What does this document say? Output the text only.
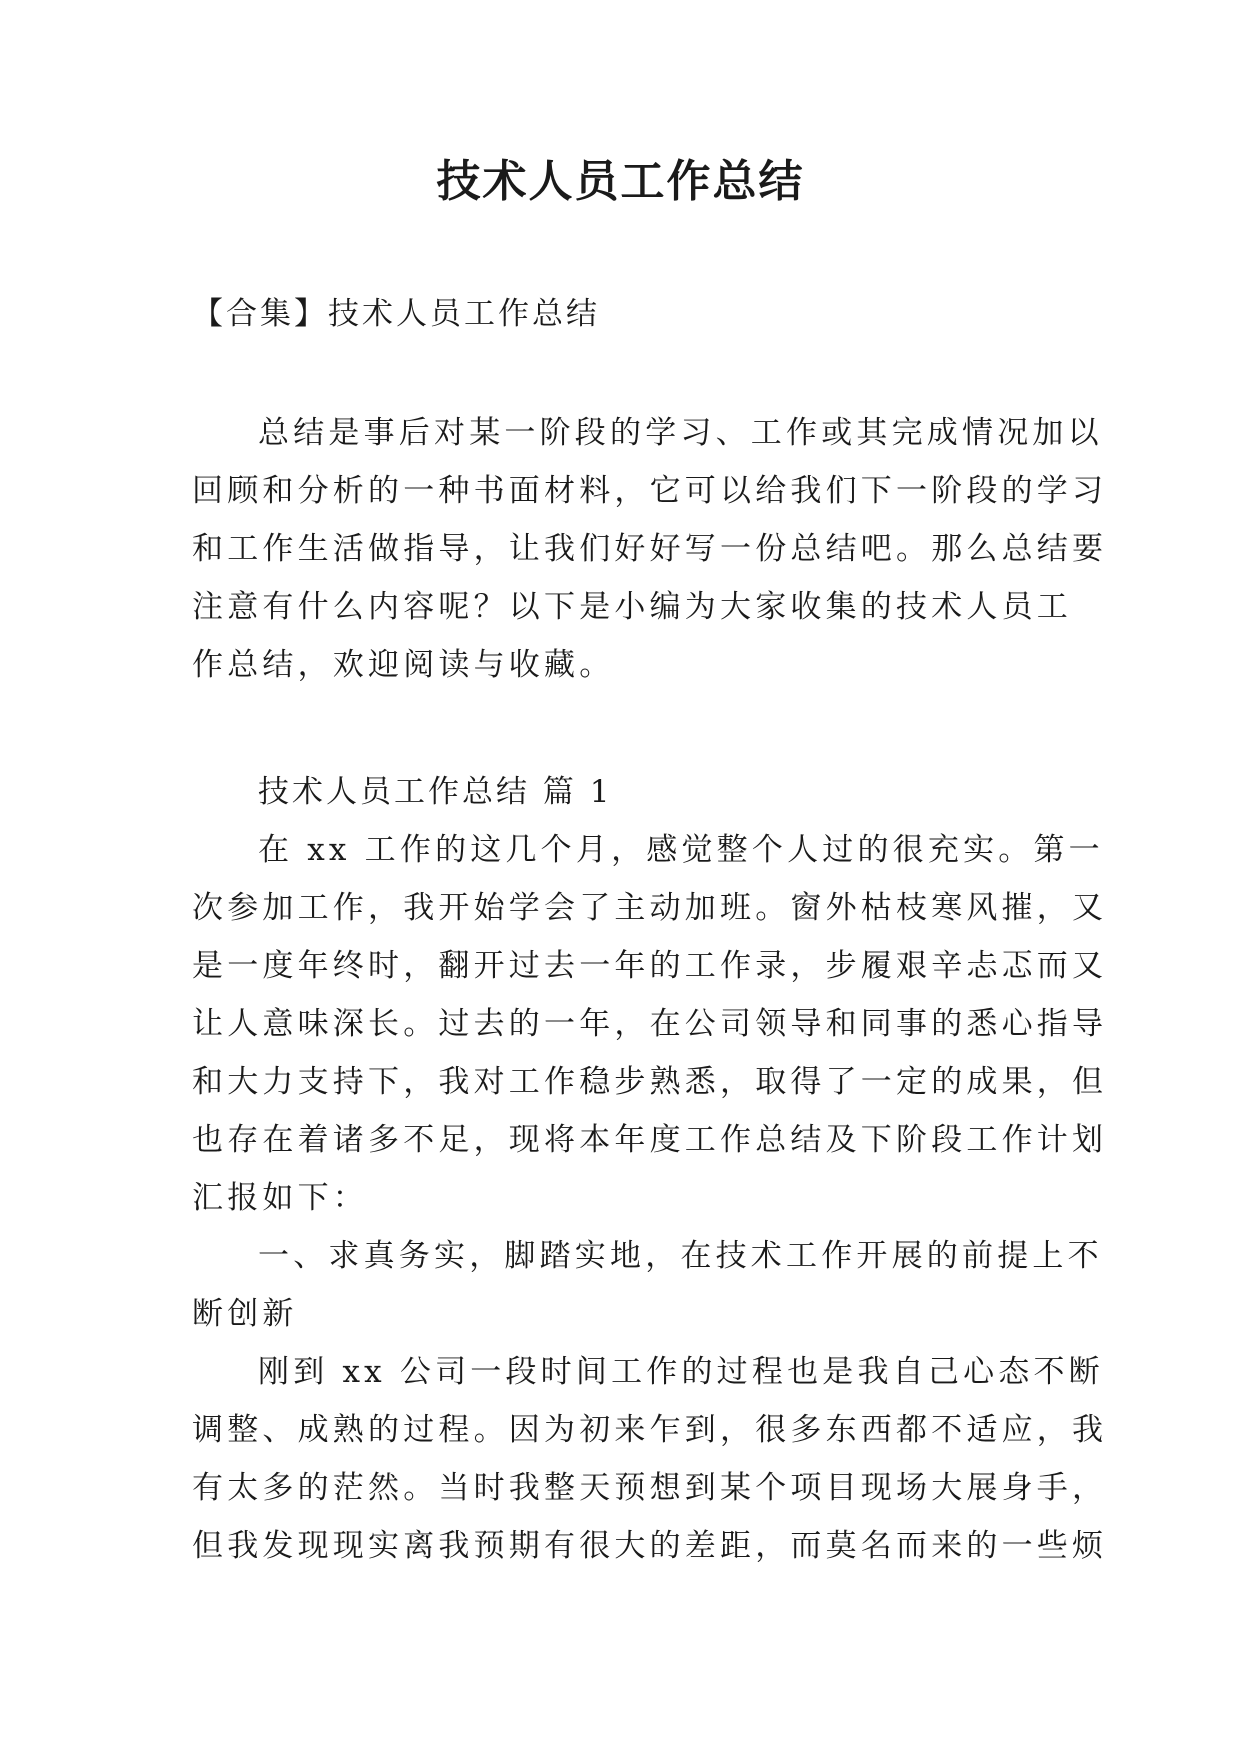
技术人员工作总结

【合集】技术人员工作总结

总结是事后对某一阶段的学习、工作或其完成情况加以
回顾和分析的一种书面材料，它可以给我们下一阶段的学习
和工作生活做指导，让我们好好写一份总结吧。那么总结要
注意有什么内容呢？以下是小编为大家收集的技术人员工
作总结，欢迎阅读与收藏。

技术人员工作总结 篇 1

在 xx 工作的这几个月，感觉整个人过的很充实。第一
次参加工作，我开始学会了主动加班。窗外枯枝寒风摧，又
是一度年终时，翻开过去一年的工作录，步履艰辛忐忑而又
让人意味深长。过去的一年，在公司领导和同事的悉心指导
和大力支持下，我对工作稳步熟悉，取得了一定的成果，但
也存在着诸多不足，现将本年度工作总结及下阶段工作计划
汇报如下：
一、求真务实，脚踏实地，在技术工作开展的前提上不
断创新
刚到 xx 公司一段时间工作的过程也是我自己心态不断
调整、成熟的过程。因为初来乍到，很多东西都不适应，我
有太多的茫然。当时我整天预想到某个项目现场大展身手，
但我发现现实离我预期有很大的差距，而莫名而来的一些烦
